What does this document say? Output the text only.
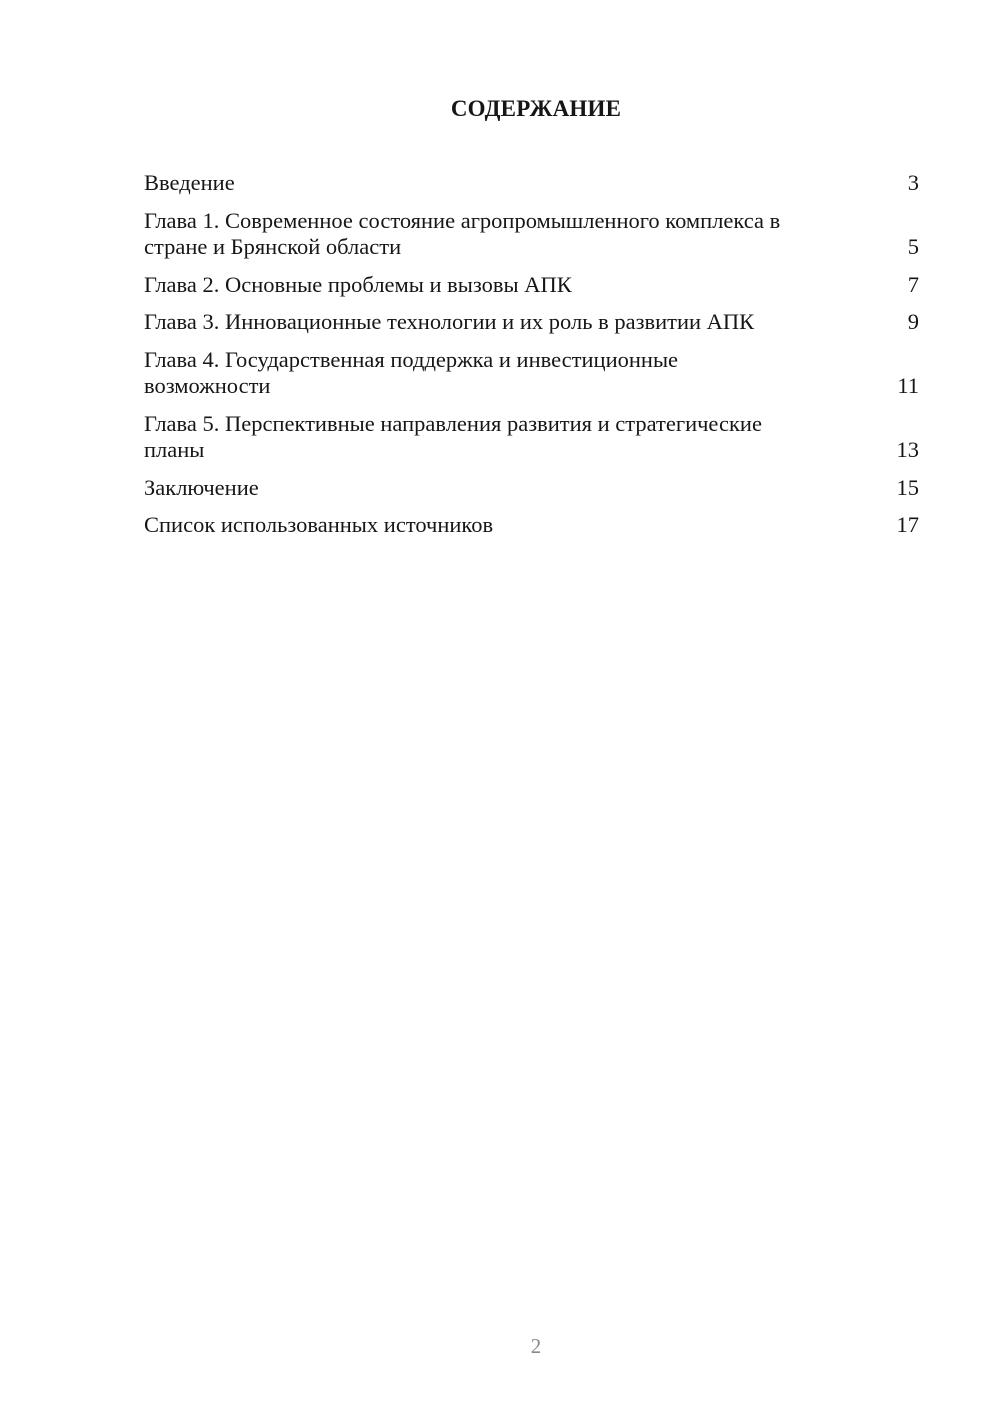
СОДЕРЖАНИЕ
Введение	3
Глава 1. Современное состояние агропромышленного комплекса в стране и Брянской области	5
Глава 2. Основные проблемы и вызовы АПК	7
Глава 3. Инновационные технологии и их роль в развитии АПК	9
Глава 4. Государственная поддержка и инвестиционные возможности	11
Глава 5. Перспективные направления развития и стратегические планы	13
Заключение	15
Список использованных источников	17
2
